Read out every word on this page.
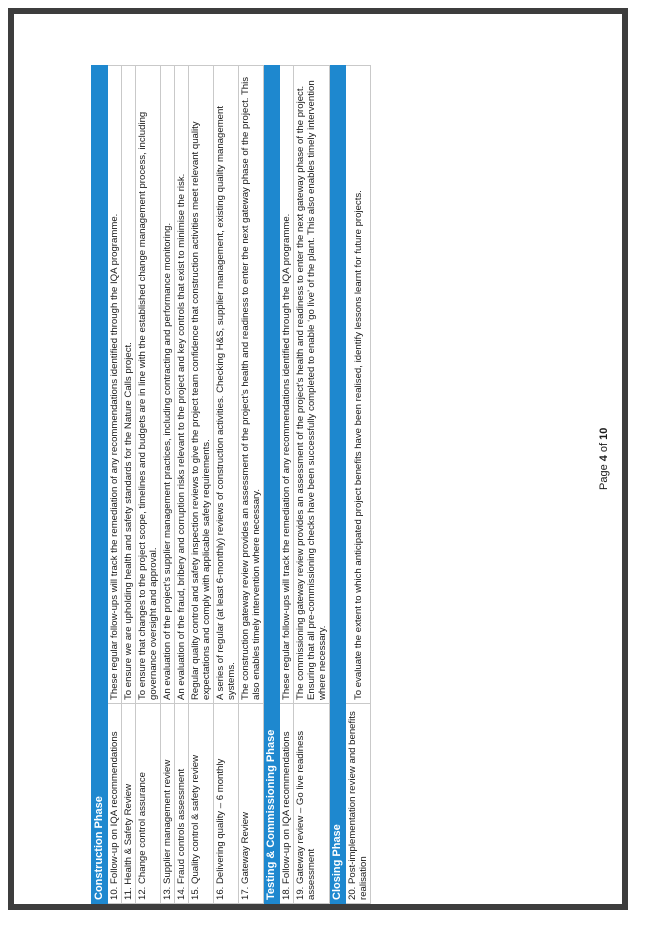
Construction Phase	
10. Follow-up on IQA recommendations	These regular follow-ups will track the remediation of any recommendations identified through the IQA programme.
11. Health & Safety Review	To ensure we are upholding health and safety standards for the Nature Calls project.
12. Change control assurance	To ensure that changes to the project scope, timelines and budgets are in line with the established change management process, including governance oversight and approval.
13. Supplier management review	An evaluation of the project’s supplier management practices, including contracting and performance monitoring.
14. Fraud controls assessment	An evaluation of the fraud, bribery and corruption risks relevant to the project and key controls that exist to minimise the risk.
15. Quality control & safety review	Regular quality control and safety inspection reviews to give the project team confidence that construction activities meet relevant quality expectations and comply with applicable safety requirements.
16. Delivering quality – 6 monthly	A series of regular (at least 6-monthly) reviews of construction activities. Checking H&S, supplier management, existing quality management systems.
17. Gateway Review	The construction gateway review provides an assessment of the project’s health and readiness to enter the next gateway phase of the project. This also enables timely intervention where necessary.
Testing & Commissioning Phase	
18. Follow-up on IQA recommendations	These regular follow-ups will track the remediation of any recommendations identified through the IQA programme.
19. Gateway review – Go live readiness assessment	The commissioning gateway review provides an assessment of the project’s health and readiness to enter the next gateway phase of the project. Ensuring that all pre-commissioning checks have been successfully completed to enable ‘go live’ of the plant. This also enables timely intervention where necessary.
Closing Phase	
20. Post-implementation review and benefits realisation	To evaluate the extent to which anticipated project benefits have been realised, identify lessons learnt for future projects.	Page 4 of 10
